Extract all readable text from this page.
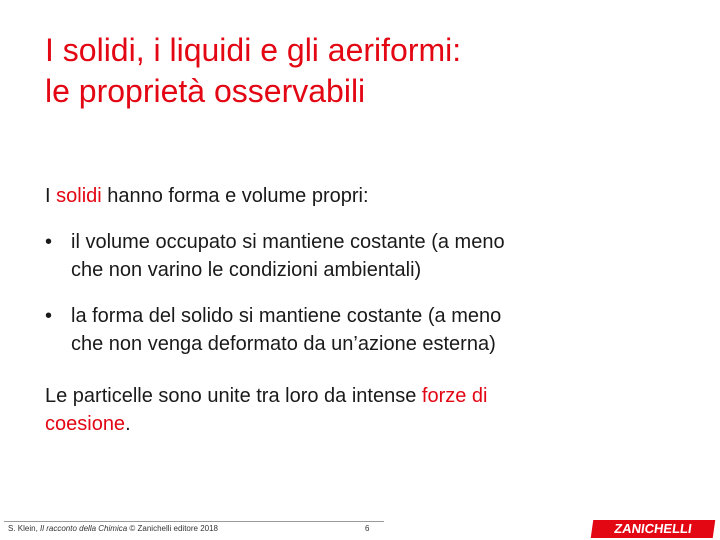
I solidi, i liquidi e gli aeriformi:
le proprietà osservabili

I solidi hanno forma e volume propri:

• il volume occupato si mantiene costante (a meno
che non varino le condizioni ambientali)
• la forma del solido si mantiene costante (a meno
che non venga deformato da un’azione esterna)

Le particelle sono unite tra loro da intense forze di
coesione.

S. Klein, Il racconto della Chimica © Zanichelli editore 2018	6	ZANICHELLI
